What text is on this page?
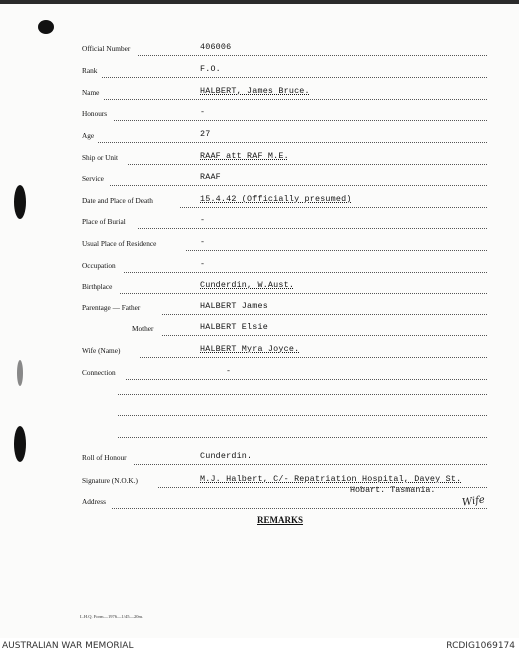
Official Number	406006
Rank	F.O.
Name	HALBERT, James Bruce.
Honours	-
Age	27
Ship or Unit	RAAF att RAF M.E.
Service	RAAF
Date and Place of Death	15.4.42 (Officially presumed)
Place of Burial	-
Usual Place of Residence	-
Occupation	-
Birthplace	Cunderdin, W.Aust.
Parentage — Father	HALBERT James
Mother	HALBERT Elsie
Wife (Name)	HALBERT Myra Joyce.
Connection	-
Roll of Honour	Cunderdin.
Signature (N.O.K.)	M.J. Halbert, C/- Repatriation Hospital, Davey St.
Hobart. Tasmania.
Address	Wife
REMARKS
L.H.Q. Form—1976—1/45—20m.
AUSTRALIAN WAR MEMORIAL	RCDIG1069174
